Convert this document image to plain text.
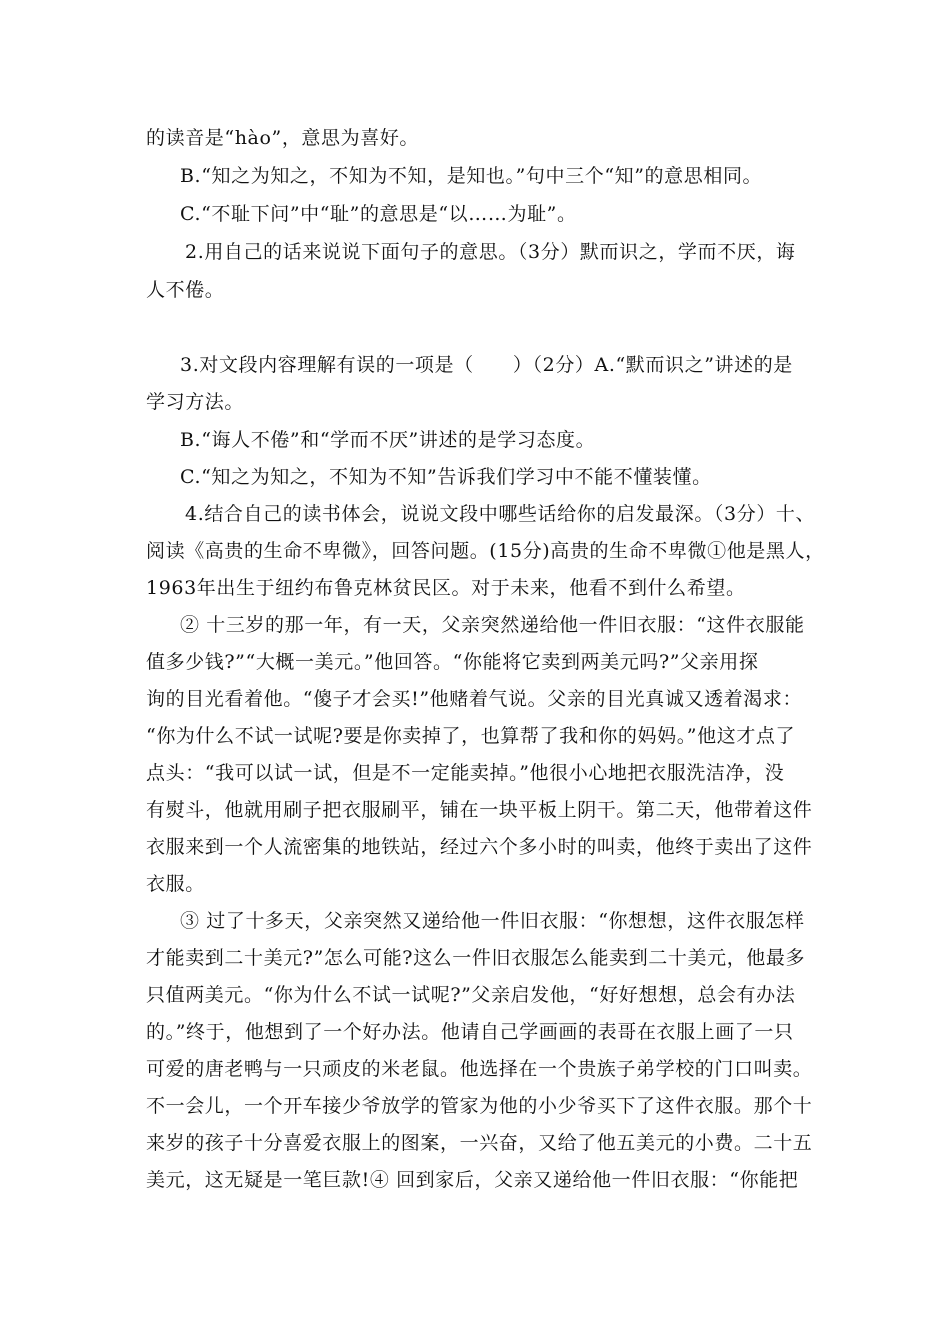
的读音是“hào”，意思为喜好。
B.“知之为知之，不知为不知，是知也。”句中三个“知”的意思相同。
C.“不耻下问”中“耻”的意思是“以……为耻”。
2.用自己的话来说说下面句子的意思。（3分）默而识之，学而不厌，诲
人不倦。
3.对文段内容理解有误的一项是（　　）（2分）A.“默而识之”讲述的是
学习方法。
B.“诲人不倦”和“学而不厌”讲述的是学习态度。
C.“知之为知之，不知为不知”告诉我们学习中不能不懂装懂。
4.结合自己的读书体会，说说文段中哪些话给你的启发最深。（3分）十、
阅读《高贵的生命不卑微》，回答问题。(15分)高贵的生命不卑微①他是黑人，
1963年出生于纽约布鲁克林贫民区。对于未来，他看不到什么希望。
② 十三岁的那一年，有一天，父亲突然递给他一件旧衣服：“这件衣服能
值多少钱?”“大概一美元。”他回答。“你能将它卖到两美元吗?”父亲用探
询的目光看着他。“傻子才会买!”他赌着气说。父亲的目光真诚又透着渴求：
“你为什么不试一试呢?要是你卖掉了，也算帮了我和你的妈妈。”他这才点了
点头：“我可以试一试，但是不一定能卖掉。”他很小心地把衣服洗洁净，没
有熨斗，他就用刷子把衣服刷平，铺在一块平板上阴干。第二天，他带着这件
衣服来到一个人流密集的地铁站，经过六个多小时的叫卖，他终于卖出了这件
衣服。
③ 过了十多天，父亲突然又递给他一件旧衣服：“你想想，这件衣服怎样
才能卖到二十美元?”怎么可能?这么一件旧衣服怎么能卖到二十美元，他最多
只值两美元。“你为什么不试一试呢?”父亲启发他，“好好想想，总会有办法
的。”终于，他想到了一个好办法。他请自己学画画的表哥在衣服上画了一只
可爱的唐老鸭与一只顽皮的米老鼠。他选择在一个贵族子弟学校的门口叫卖。
不一会儿，一个开车接少爷放学的管家为他的小少爷买下了这件衣服。那个十
来岁的孩子十分喜爱衣服上的图案，一兴奋，又给了他五美元的小费。二十五
美元，这无疑是一笔巨款!④ 回到家后，父亲又递给他一件旧衣服：“你能把
